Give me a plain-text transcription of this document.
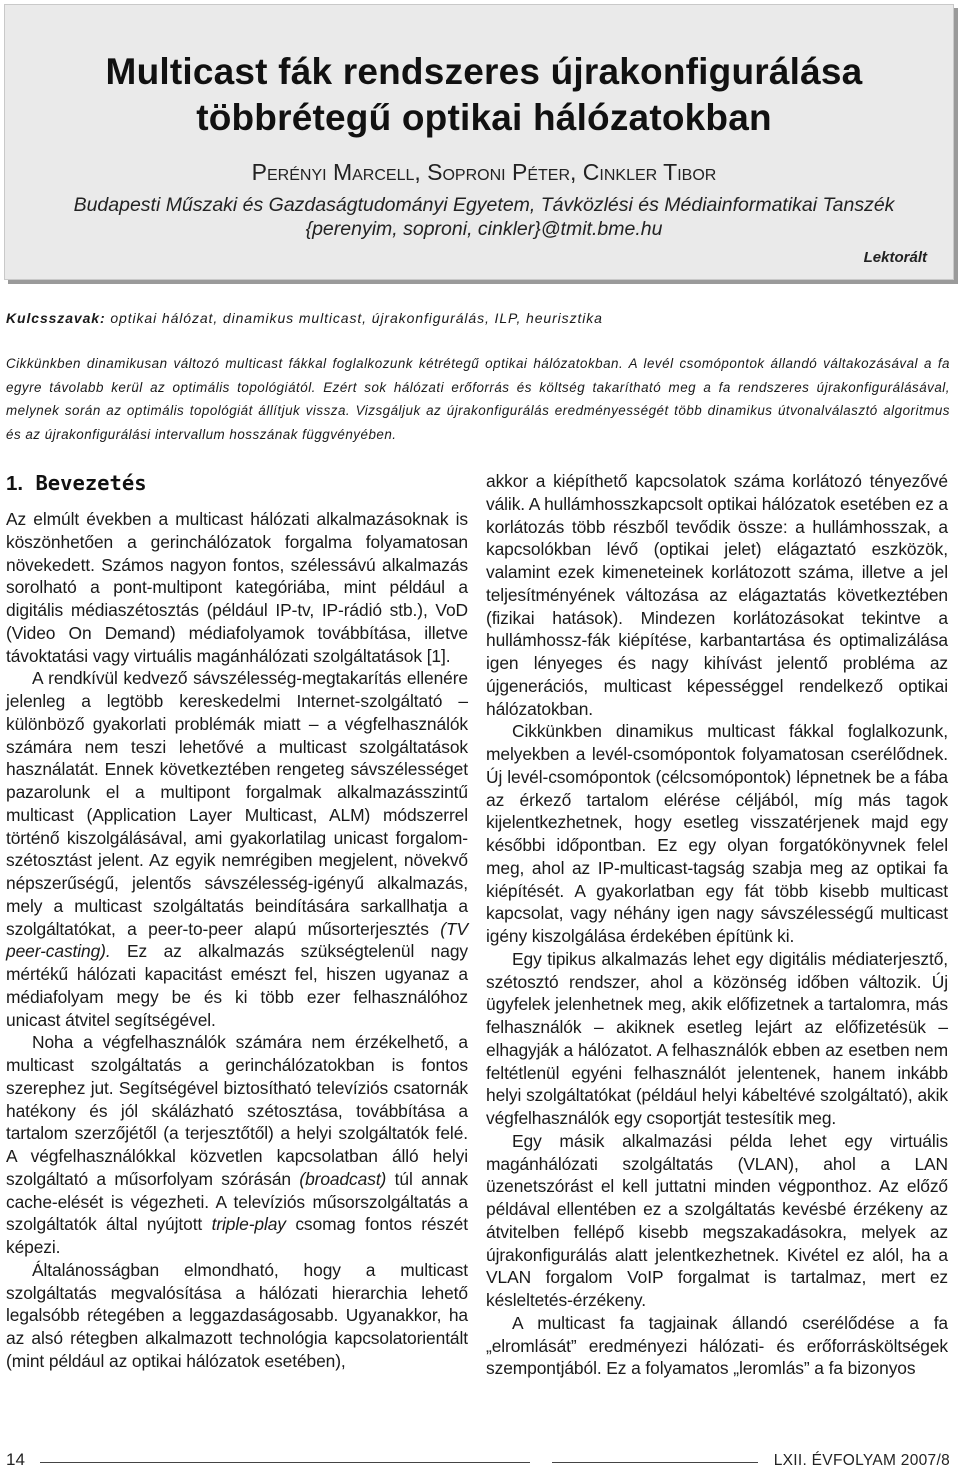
Multicast fák rendszeres újrakonfigurálása
többrétegű optikai hálózatokban
Perényi Marcell, Soproni Péter, Cinkler Tibor
Budapesti Műszaki és Gazdaságtudományi Egyetem, Távközlési és Médiainformatikai Tanszék
{perenyim, soproni, cinkler}@tmit.bme.hu
Lektorált
Kulcsszavak: optikai hálózat, dinamikus multicast, újrakonfigurálás, ILP, heurisztika

Cikkünkben dinamikusan változó multicast fákkal foglalkozunk kétrétegű optikai hálózatokban. A levél csomópontok állandó váltakozásával a fa egyre távolabb kerül az optimális topológiától. Ezért sok hálózati erőforrás és költség takarítható meg a fa rendszeres újrakonfigurálásával, melynek során az optimális topológiát állítjuk vissza. Vizsgáljuk az újrakonfigurálás eredményességét több dinamikus útvonalválasztó algoritmus és az újrakonfigurálási intervallum hosszának függvényében.

1. Bevezetés

Az elmúlt években a multicast hálózati alkalmazásoknak is köszönhetően a gerinchálózatok forgalma folyamatosan növekedett. Számos nagyon fontos, szélessávú alkalmazás sorolható a pont-multipont kategóriába, mint például a digitális médiaszétosztás (például IP-tv, IP-rádió stb.), VoD (Video On Demand) médiafolyamok továbbítása, illetve távoktatási vagy virtuális magánhálózati szolgáltatások [1].

A rendkívül kedvező sávszélesség-megtakarítás ellenére jelenleg a legtöbb kereskedelmi Internet-szolgáltató – különböző gyakorlati problémák miatt – a végfelhasználók számára nem teszi lehetővé a multicast szolgáltatások használatát. Ennek következtében rengeteg sávszélességet pazarolunk el a multipont forgalmak alkalmazásszintű multicast (Application Layer Multicast, ALM) módszerrel történő kiszolgálásával, ami gyakorlatilag unicast forgalom-szétosztást jelent. Az egyik nemrégiben megjelent, növekvő népszerűségű, jelentős sávszélesség-igényű alkalmazás, mely a multicast szolgáltatás beindítására sarkallhatja a szolgáltatókat, a peer-to-peer alapú műsorterjesztés (TV peer-casting). Ez az alkalmazás szükségtelenül nagy mértékű hálózati kapacitást emészt fel, hiszen ugyanaz a médiafolyam megy be és ki több ezer felhasználóhoz unicast átvitel segítségével.

Noha a végfelhasználók számára nem érzékelhető, a multicast szolgáltatás a gerinchálózatokban is fontos szerephez jut. Segítségével biztosítható televíziós csatornák hatékony és jól skálázható szétosztása, továbbítása a tartalom szerzőjétől (a terjesztőtől) a helyi szolgáltatók felé. A végfelhasználókkal közvetlen kapcsolatban álló helyi szolgáltató a műsorfolyam szórásán (broadcast) túl annak cache-elését is végezheti. A televíziós műsorszolgáltatás a szolgáltatók által nyújtott triple-play csomag fontos részét képezi.

Általánosságban elmondható, hogy a multicast szolgáltatás megvalósítása a hálózati hierarchia lehető legalsóbb rétegében a leggazdaságosabb. Ugyanakkor, ha az alsó rétegben alkalmazott technológia kapcsolatorientált (mint például az optikai hálózatok esetében),

akkor a kiépíthető kapcsolatok száma korlátozó tényezővé válik. A hullámhosszkapcsolt optikai hálózatok esetében ez a korlátozás több részből tevődik össze: a hullámhosszak, a kapcsolókban lévő (optikai jelet) elágaztató eszközök, valamint ezek kimeneteinek korlátozott száma, illetve a jel teljesítményének változása az elágaztatás következtében (fizikai hatások). Mindezen korlátozásokat tekintve a hullámhossz-fák kiépítése, karbantartása és optimalizálása igen lényeges és nagy kihívást jelentő probléma az újgenerációs, multicast képességgel rendelkező optikai hálózatokban.

Cikkünkben dinamikus multicast fákkal foglalkozunk, melyekben a levél-csomópontok folyamatosan cserélődnek. Új levél-csomópontok (célcsomópontok) lépnetnek be a fába az érkező tartalom elérése céljából, míg más tagok kijelentkezhetnek, hogy esetleg visszatérjenek majd egy későbbi időpontban. Ez egy olyan forgatókönyvnek felel meg, ahol az IP-multicast-tagság szabja meg az optikai fa kiépítését. A gyakorlatban egy fát több kisebb multicast kapcsolat, vagy néhány igen nagy sávszélességű multicast igény kiszolgálása érdekében építünk ki.

Egy tipikus alkalmazás lehet egy digitális médiaterjesztő, szétosztó rendszer, ahol a közönség időben változik. Új ügyfelek jelenhetnek meg, akik előfizetnek a tartalomra, más felhasználók – akiknek esetleg lejárt az előfizetésük – elhagyják a hálózatot. A felhasználók ebben az esetben nem feltétlenül egyéni felhasználót jelentenek, hanem inkább helyi szolgáltatókat (például helyi kábeltévé szolgáltató), akik végfelhasználók egy csoportját testesítik meg.

Egy másik alkalmazási példa lehet egy virtuális magánhálózati szolgáltatás (VLAN), ahol a LAN üzenetszórást el kell juttatni minden végponthoz. Az előző példával ellentében ez a szolgáltatás kevésbé érzékeny az átvitelben fellépő kisebb megszakadásokra, melyek az újrakonfigurálás alatt jelentkezhetnek. Kivétel ez alól, ha a VLAN forgalom VoIP forgalmat is tartalmaz, mert ez késleltetés-érzékeny.

A multicast fa tagjainak állandó cserélődése a fa „elromlását” eredményezi hálózati- és erőforrásköltségek szempontjából. Ez a folyamatos „leromlás” a fa bizonyos

14	LXII. ÉVFOLYAM 2007/8
